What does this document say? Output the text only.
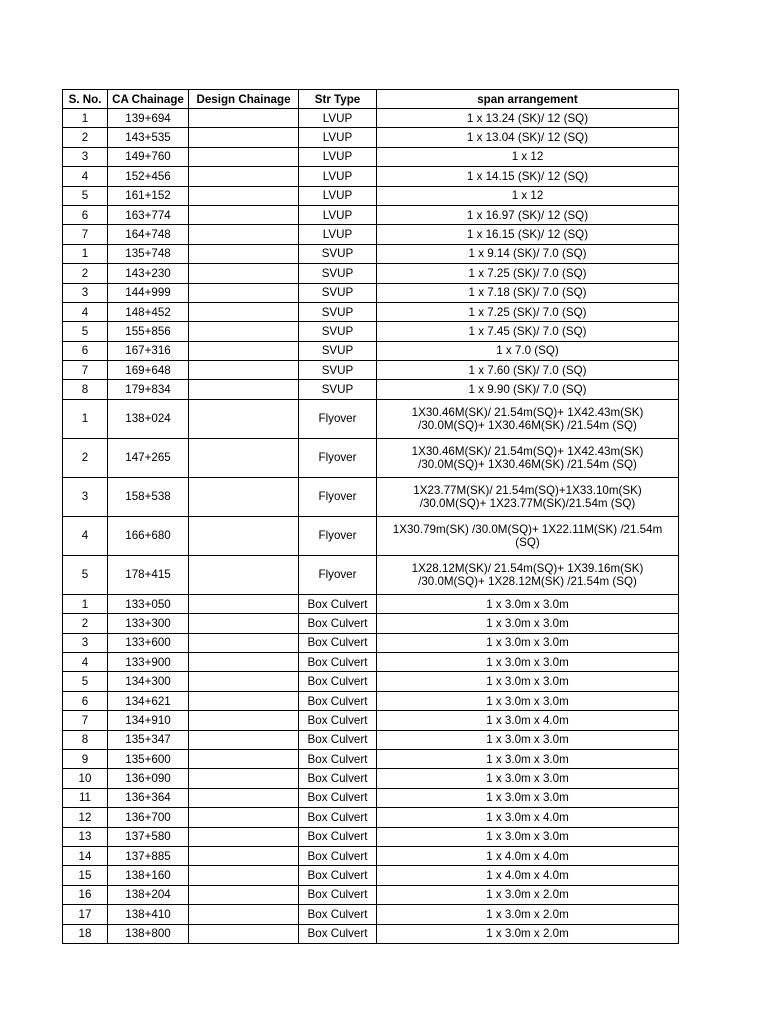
S. No.	CA Chainage	Design Chainage	Str Type	span arrangement
1	139+694		LVUP	1 x 13.24 (SK)/ 12 (SQ)

2	143+535		LVUP	1 x 13.04 (SK)/ 12 (SQ)

3	149+760		LVUP	1 x 12

4	152+456		LVUP	1 x 14.15 (SK)/ 12 (SQ)

5	161+152		LVUP	1 x 12

6	163+774		LVUP	1 x 16.97 (SK)/ 12 (SQ)

7	164+748		LVUP	1 x 16.15 (SK)/ 12 (SQ)

1	135+748		SVUP	1 x 9.14 (SK)/ 7.0 (SQ)

2	143+230		SVUP	1 x 7.25 (SK)/ 7.0 (SQ)

3	144+999		SVUP	1 x 7.18 (SK)/ 7.0 (SQ)

4	148+452		SVUP	1 x 7.25 (SK)/ 7.0 (SQ)

5	155+856		SVUP	1 x 7.45 (SK)/ 7.0 (SQ)

6	167+316		SVUP	1 x 7.0 (SQ)

7	169+648		SVUP	1 x 7.60 (SK)/ 7.0 (SQ)

8	179+834		SVUP	1 x 9.90 (SK)/ 7.0 (SQ)

1	138+024		Flyover	1X30.46M(SK)/ 21.54m(SQ)+ 1X42.43m(SK)
/30.0M(SQ)+ 1X30.46M(SK) /21.54m (SQ)

2	147+265		Flyover	1X30.46M(SK)/ 21.54m(SQ)+ 1X42.43m(SK)
/30.0M(SQ)+ 1X30.46M(SK) /21.54m (SQ)

3	158+538		Flyover	1X23.77M(SK)/ 21.54m(SQ)+1X33.10m(SK)
/30.0M(SQ)+ 1X23.77M(SK)/21.54m (SQ)

4	166+680		Flyover	1X30.79m(SK) /30.0M(SQ)+ 1X22.11M(SK) /21.54m
(SQ)

5	178+415		Flyover	1X28.12M(SK)/ 21.54m(SQ)+ 1X39.16m(SK)
/30.0M(SQ)+ 1X28.12M(SK) /21.54m (SQ)

1	133+050		Box Culvert	1 x 3.0m x 3.0m

2	133+300		Box Culvert	1 x 3.0m x 3.0m

3	133+600		Box Culvert	1 x 3.0m x 3.0m

4	133+900		Box Culvert	1 x 3.0m x 3.0m

5	134+300		Box Culvert	1 x 3.0m x 3.0m

6	134+621		Box Culvert	1 x 3.0m x 3.0m

7	134+910		Box Culvert	1 x 3.0m x 4.0m

8	135+347		Box Culvert	1 x 3.0m x 3.0m

9	135+600		Box Culvert	1 x 3.0m x 3.0m

10	136+090		Box Culvert	1 x 3.0m x 3.0m

11	136+364		Box Culvert	1 x 3.0m x 3.0m

12	136+700		Box Culvert	1 x 3.0m x 4.0m

13	137+580		Box Culvert	1 x 3.0m x 3.0m

14	137+885		Box Culvert	1 x 4.0m x 4.0m

15	138+160		Box Culvert	1 x 4.0m x 4.0m

16	138+204		Box Culvert	1 x 3.0m x 2.0m

17	138+410		Box Culvert	1 x 3.0m x 2.0m

18	138+800		Box Culvert	1 x 3.0m x 2.0m
